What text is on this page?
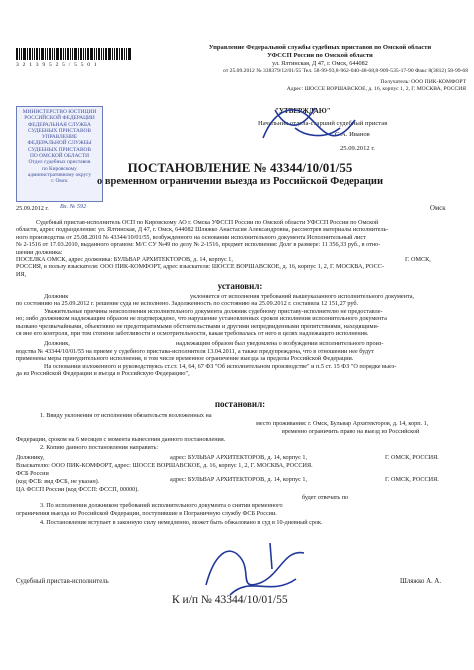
3 2 1 3 9 5 2 5 / 5 5 0 1
Управление Федеральной службы судебных приставов по Омской области
УФССП России по Омской области
ул. Ялтинская, Д 47, г. Омск, 644082
от 25.09.2012 № 338379/12/01/55 Тел. 58-99-93,8-962-040-48-68,8-909-535-17-90 Факс 8(3812) 58-99-68
Получатель: ООО ПИК-КОМФОРТ
Адрес: ШОССЕ ВОРШАВСКОЕ, д. 16, корпус 1, 2, Г. МОСКВА, РОССИЯ
МИНИСТЕРСТВО ЮСТИЦИИ
РОССИЙСКОЙ ФЕДЕРАЦИИ
ФЕДЕРАЛЬНАЯ СЛУЖБА
СУДЕБНЫХ ПРИСТАВОВ
УПРАВЛЕНИЕ
ФЕДЕРАЛЬНОЙ СЛУЖБЫ
СУДЕБНЫХ ПРИСТАВОВ
ПО ОМСКОЙ ОБЛАСТИ
Отдел судебных приставов
по Кировскому
административному округу
г. Омск
Вх. № 592
25.09.2012 г.
"УТВЕРЖДАЮ"
Начальник отдела-старший судебный пристав
С.А. Иванов
25.09.2012 г.
ПОСТАНОВЛЕНИЕ № 43344/10/01/55
о временном ограничении выезда из Российской Федерации
Омск
Судебный пристав-исполнитель ОСП по Кировскому АО г. Омска УФССП России по Омской области УФССП России по Омской
области, адрес подразделения: ул. Ялтинская, Д 47, г. Омск, 644082 Шляжко Анастасия Александровна, рассмотрев материалы исполнитель-
ного производства от 25.08.2010 № 43344/10/01/55, возбужденного на основании исполнительного документа Исполнительный лист
№ 2-1516 от 17.03.2010, выданного органом: М/С СУ №49 по делу № 2-1516, предмет исполнения: Долг в размере: 11 356,33 руб., в отно-
шении должника:
ПОСЕЛКА ОМСК, адрес должника: БУЛЬВАР АРХИТЕКТОРОВ, д. 14, корпус 1,
РОССИЯ, в пользу взыскателя: ООО ПИК-КОМФОРТ, адрес взыскателя: ШОССЕ ВОРШАВСКОЕ, д. 16, корпус 1, 2, Г. МОСКВА, РОСС-
ИЯ,
Г. ОМСК,
установил:
Должник	уклоняется от исполнения требований вышеуказанного исполнительного документа,
по состоянию на 25.09.2012 г. решение суда не исполнено. Задолженность по состоянию на 25.09.2012 г. составила 12 151,27 руб.
Уважительные причины неисполнения исполнительного документа должник судебному приставу-исполнителю не предоставле-
но; либо должником надлежащим образом не подтверждено, что нарушение установленных сроков исполнения исполнительного документа
вызвано чрезвычайными, объективно не предотвратимыми обстоятельствами и другими непредвиденными препятствиями, находящими-
ся вне его контроля, при том степени заботливости и осмотрительности, какая требовалась от него в целях надлежащего исполнения.
Должник,	надлежащим образом был уведомлена о возбуждении исполнительного произ-
водства № 43344/10/01/55 на приеме у судебного пристава-исполнителя 13.04.2011, а также предупреждена, что в отношении нее будут
применены меры принудительного исполнения, в том числе временное ограничение выезда за пределы Российской Федерации.
На основании изложенного и руководствуясь ст.ст. 14, 64, 67 ФЗ "Об исполнительном производстве" и п.5 ст. 15 ФЗ "О порядке выез-
да из Российской Федерации и въезда в Российскую Федерацию",
постановил:
1. Ввиду уклонения от исполнения обязательств возложенных на
место проживания: г. Омск, Бульвар Архитекторов, д. 14, корп. 1,
временно ограничить право на выезд из Российской
Федерации, сроком на 6 месяцев с момента вынесения данного постановления.
2. Копию данного постановления направить:
Должнику,	адрес: БУЛЬВАР АРХИТЕКТОРОВ, д. 14, корпус 1,	Г. ОМСК, РОССИЯ.
Взыскателю: ООО ПИК-КОМФОРТ, адрес: ШОССЕ ВОРШАВСКОЕ, д. 16, корпус 1, 2, Г. МОСКВА, РОССИЯ.
ФСБ России
адрес: БУЛЬВАР АРХИТЕКТОРОВ, д. 14, корпус 1,	Г. ОМСК, РОССИЯ.
(код ФСБ: вид ФСБ, не указан).
ЦА ФССП России (код ФССП: ФССП, 00000).
будет отвечать по
3. По исполнении должником требований исполнительного документа о снятии временного
ограничения выезда из Российской Федерации, поступившие в Пограничную службу ФСБ России.
4. Постановление вступает в законную силу немедленно, может быть обжаловано в суд в 10-дневный срок.
Судебный пристав-исполнитель	Шляжко А. А.
К и/п № 43344/10/01/55
